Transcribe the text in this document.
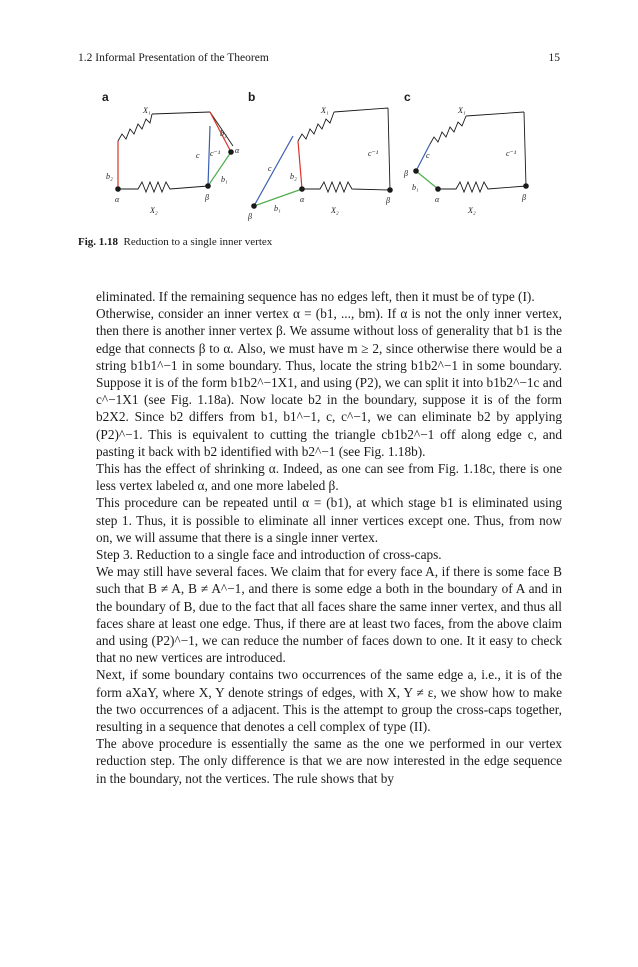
1.2 Informal Presentation of the Theorem	15
a
X₁
X₂
b₂
b₂
c c⁻¹
b₁
α	β
α
b
X₁
X₂
b₂
c
c⁻¹
b₁
β
α	β
c
X₁
X₂
c	c⁻¹
b₁
β
α	β
Fig. 1.18 Reduction to a single inner vertex

eliminated. If the remaining sequence has no edges left, then it must be of type (I).

Otherwise, consider an inner vertex α = (b1, ..., bm). If α is not the only inner vertex, then there is another inner vertex β. We assume without loss of generality that b1 is the edge that connects β to α. Also, we must have m ≥ 2, since otherwise there would be a string b1b1^−1 in some boundary. Thus, locate the string b1b2^−1 in some boundary. Suppose it is of the form b1b2^−1X1, and using (P2), we can split it into b1b2^−1c and c^−1X1 (see Fig. 1.18a). Now locate b2 in the boundary, suppose it is of the form b2X2. Since b2 differs from b1, b1^−1, c, c^−1, we can eliminate b2 by applying (P2)^−1. This is equivalent to cutting the triangle cb1b2^−1 off along edge c, and pasting it back with b2 identified with b2^−1 (see Fig. 1.18b).

This has the effect of shrinking α. Indeed, as one can see from Fig. 1.18c, there is one less vertex labeled α, and one more labeled β.

This procedure can be repeated until α = (b1), at which stage b1 is eliminated using step 1. Thus, it is possible to eliminate all inner vertices except one. Thus, from now on, we will assume that there is a single inner vertex.

Step 3. Reduction to a single face and introduction of cross-caps.

We may still have several faces. We claim that for every face A, if there is some face B such that B ≠ A, B ≠ A^−1, and there is some edge a both in the boundary of A and in the boundary of B, due to the fact that all faces share the same inner vertex, and thus all faces share at least one edge. Thus, if there are at least two faces, from the above claim and using (P2)^−1, we can reduce the number of faces down to one. It it easy to check that no new vertices are introduced.

Next, if some boundary contains two occurrences of the same edge a, i.e., it is of the form aXaY, where X, Y denote strings of edges, with X, Y ≠ ε, we show how to make the two occurrences of a adjacent. This is the attempt to group the cross-caps together, resulting in a sequence that denotes a cell complex of type (II).

The above procedure is essentially the same as the one we performed in our vertex reduction step. The only difference is that we are now interested in the edge sequence in the boundary, not the vertices. The rule shows that by
